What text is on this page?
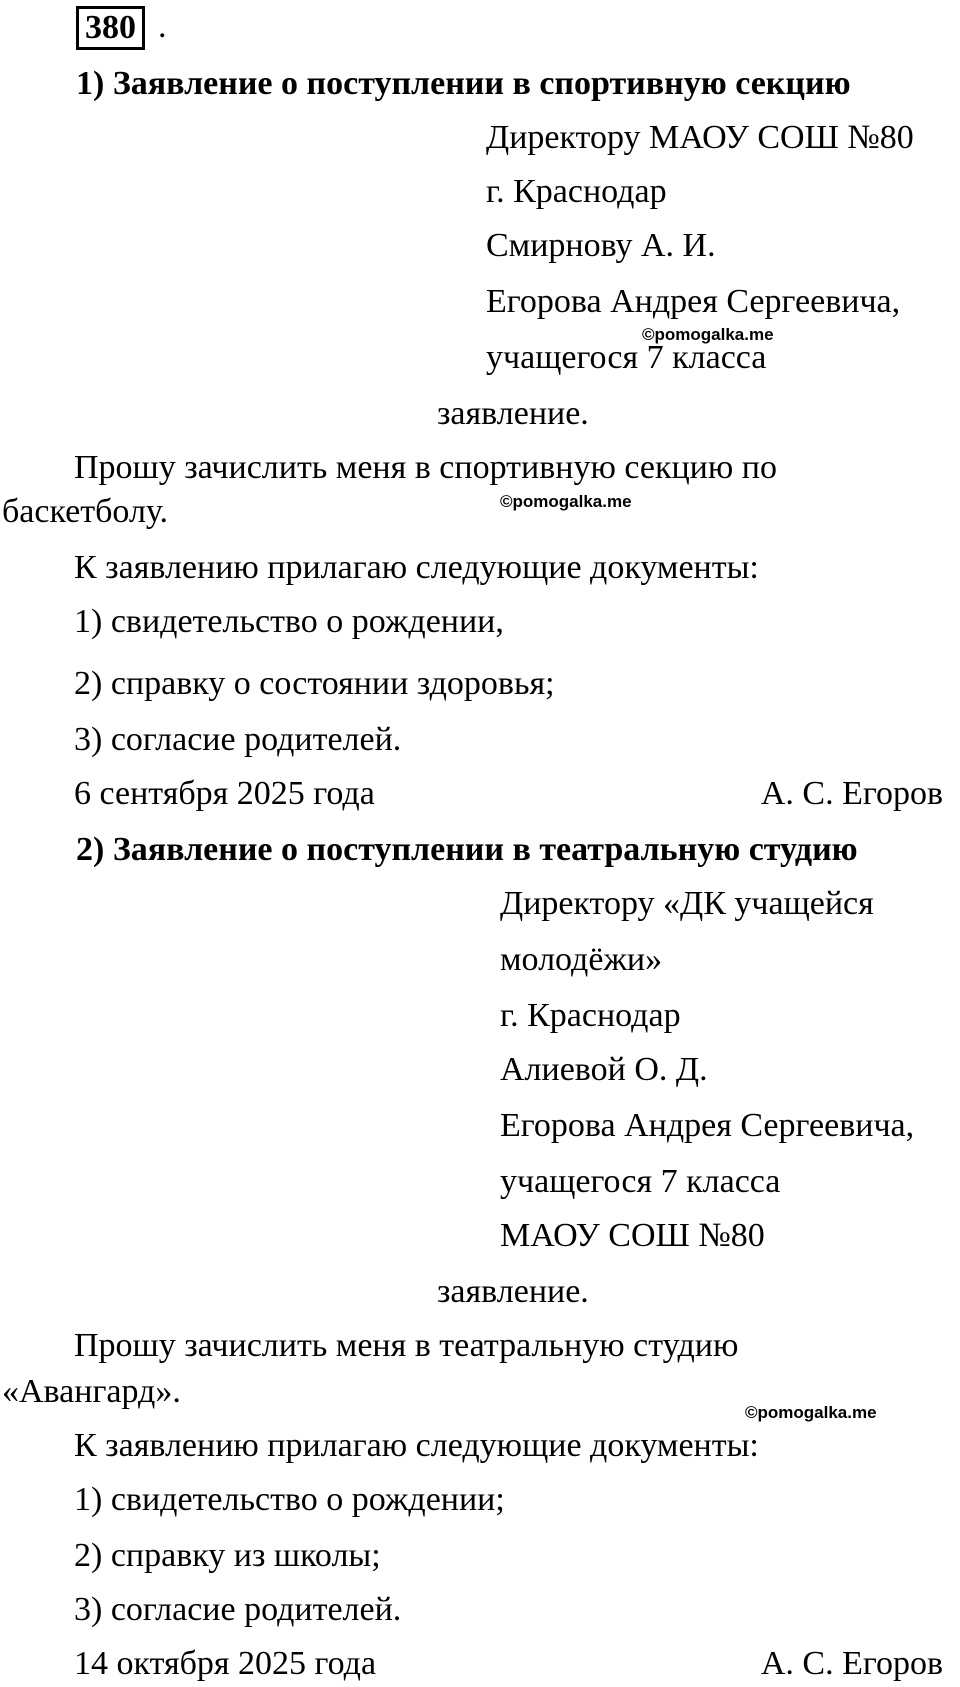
380 .
1) Заявление о поступлении в спортивную секцию
Директору МАОУ СОШ №80
г. Краснодар
Смирнову А. И.
Егорова Андрея Сергеевича,
©pomogalka.me
учащегося 7 класса
заявление.
Прошу зачислить меня в спортивную секцию по
баскетболу.	©pomogalka.me
К заявлению прилагаю следующие документы:
1) свидетельство о рождении,
2) справку о состоянии здоровья;
3) согласие родителей.
6 сентября 2025 года	А. С. Егоров
2) Заявление о поступлении в театральную студию
Директору «ДК учащейся
молодёжи»
г. Краснодар
Алиевой О. Д.
Егорова Андрея Сергеевича,
учащегося 7 класса
МАОУ СОШ №80
заявление.
Прошу зачислить меня в театральную студию
«Авангард».
©pomogalka.me
К заявлению прилагаю следующие документы:
1) свидетельство о рождении;
2) справку из школы;
3) согласие родителей.
14 октября 2025 года	А. С. Егоров
